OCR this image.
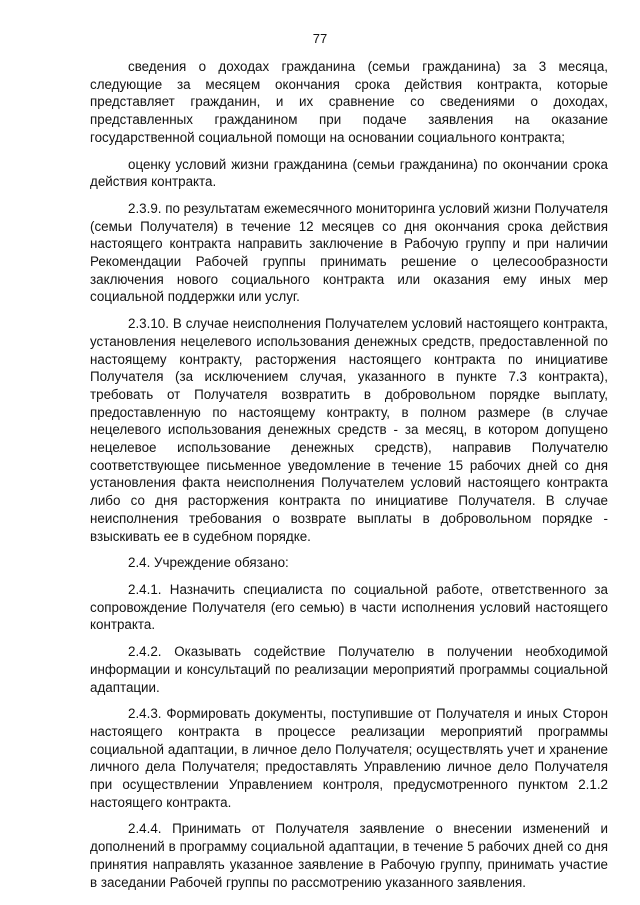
77

сведения о доходах гражданина (семьи гражданина) за 3 месяца, следующие за месяцем окончания срока действия контракта, которые представляет гражданин, и их сравнение со сведениями о доходах, представленных гражданином при подаче заявления на оказание государственной социальной помощи на основании социального контракта;

оценку условий жизни гражданина (семьи гражданина) по окончании срока действия контракта.

2.3.9. по результатам ежемесячного мониторинга условий жизни Получателя (семьи Получателя) в течение 12 месяцев со дня окончания срока действия настоящего контракта направить заключение в Рабочую группу и при наличии Рекомендации Рабочей группы принимать решение о целесообразности заключения нового социального контракта или оказания ему иных мер социальной поддержки или услуг.

2.3.10. В случае неисполнения Получателем условий настоящего контракта, установления нецелевого использования денежных средств, предоставленной по настоящему контракту, расторжения настоящего контракта по инициативе Получателя (за исключением случая, указанного в пункте 7.3 контракта), требовать от Получателя возвратить в добровольном порядке выплату, предоставленную по настоящему контракту, в полном размере (в случае нецелевого использования денежных средств - за месяц, в котором допущено нецелевое использование денежных средств), направив Получателю соответствующее письменное уведомление в течение 15 рабочих дней со дня установления факта неисполнения Получателем условий настоящего контракта либо со дня расторжения контракта по инициативе Получателя. В случае неисполнения требования о возврате выплаты в добровольном порядке - взыскивать ее в судебном порядке.

2.4. Учреждение обязано:

2.4.1. Назначить специалиста по социальной работе, ответственного за сопровождение Получателя (его семью) в части исполнения условий настоящего контракта.

2.4.2. Оказывать содействие Получателю в получении необходимой информации и консультаций по реализации мероприятий программы социальной адаптации.

2.4.3. Формировать документы, поступившие от Получателя и иных Сторон настоящего контракта в процессе реализации мероприятий программы социальной адаптации, в личное дело Получателя; осуществлять учет и хранение личного дела Получателя; предоставлять Управлению личное дело Получателя при осуществлении Управлением контроля, предусмотренного пунктом 2.1.2 настоящего контракта.

2.4.4. Принимать от Получателя заявление о внесении изменений и дополнений в программу социальной адаптации, в течение 5 рабочих дней со дня принятия направлять указанное заявление в Рабочую группу, принимать участие в заседании Рабочей группы по рассмотрению указанного заявления.
